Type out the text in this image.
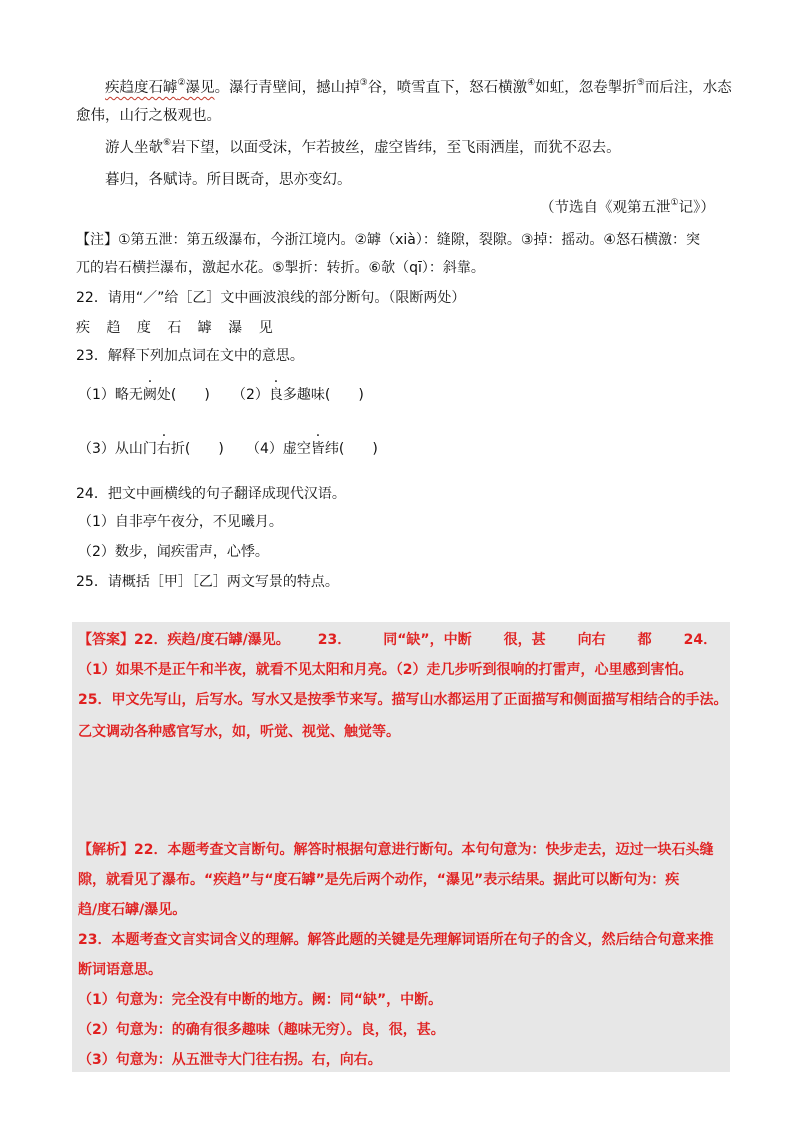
疾趋度石罅②瀑见。瀑行青壁间，撼山掉③谷，喷雪直下，怒石横激④如虹，忽卷掣折⑤而后注，水态
愈伟，山行之极观也。
游人坐欹⑥岩下望，以面受沫，乍若披丝，虚空皆纬，至飞雨洒崖，而犹不忍去。
暮归，各赋诗。所目既奇，思亦变幻。
（节选自《观第五泄①记》）
【注】①第五泄：第五级瀑布，今浙江境内。②罅（xià）：缝隙，裂隙。③掉：摇动。④怒石横激：突
兀的岩石横拦瀑布，激起水花。⑤掣折：转折。⑥欹（qī）：斜靠。
22．请用“／”给［乙］文中画波浪线的部分断句。（限断两处）
疾 趋 度 石 罅 瀑 见
23．解释下列加点词在文中的意思。
（1）略无阙处(　　) （2）良多趣味(　　)
（3）从山门右折(　　) （4）虚空皆纬(　　)
24．把文中画横线的句子翻译成现代汉语。
（1）自非亭午夜分，不见曦月。
（2）数步，闻疾雷声，心悸。
25．请概括［甲］［乙］两文写景的特点。
【答案】22．疾趋/度石罅/瀑见。 23． 同“缺”，中断 很，甚 向右 都 24．
（1）如果不是正午和半夜，就看不见太阳和月亮。（2）走几步听到很响的打雷声，心里感到害怕。
25．甲文先写山，后写水。写水又是按季节来写。描写山水都运用了正面描写和侧面描写相结合的手法。
乙文调动各种感官写水，如，听觉、视觉、触觉等。
【解析】22．本题考查文言断句。解答时根据句意进行断句。本句句意为：快步走去，迈过一块石头缝
隙，就看见了瀑布。“疾趋”与“度石罅”是先后两个动作，“瀑见”表示结果。据此可以断句为：疾
趋/度石罅/瀑见。
23．本题考查文言实词含义的理解。解答此题的关键是先理解词语所在句子的含义，然后结合句意来推
断词语意思。
（1）句意为：完全没有中断的地方。阙：同“缺”，中断。
（2）句意为：的确有很多趣味（趣味无穷）。良，很，甚。
（3）句意为：从五泄寺大门往右拐。右，向右。
